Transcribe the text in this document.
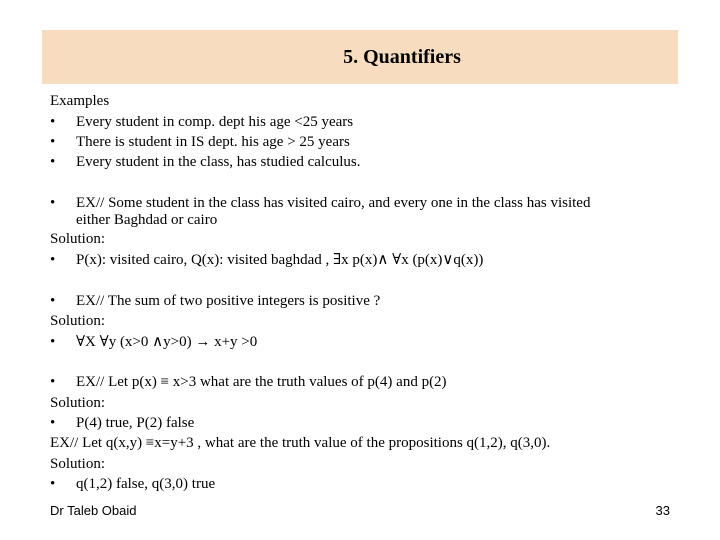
5. Quantifiers
Examples
• Every student in comp. dept his age <25 years
• There is student in IS dept. his age > 25 years
• Every student in the class, has studied calculus.
• EX// Some student in the class has visited cairo, and every one in the class has visited
either Baghdad or cairo
Solution:
• P(x): visited cairo, Q(x): visited baghdad , ∃x p(x)∧ ∀x (p(x)∨q(x))
• EX// The sum of two positive integers is positive ?
Solution:
• ∀X ∀y (x>0 ∧y>0) → x+y >0
• EX// Let p(x) ≡ x>3 what are the truth values of p(4) and p(2)
Solution:
• P(4) true, P(2) false
EX// Let q(x,y) ≡x=y+3 , what are the truth value of the propositions q(1,2), q(3,0).
Solution:
• q(1,2) false, q(3,0) true
Dr Taleb Obaid	33
